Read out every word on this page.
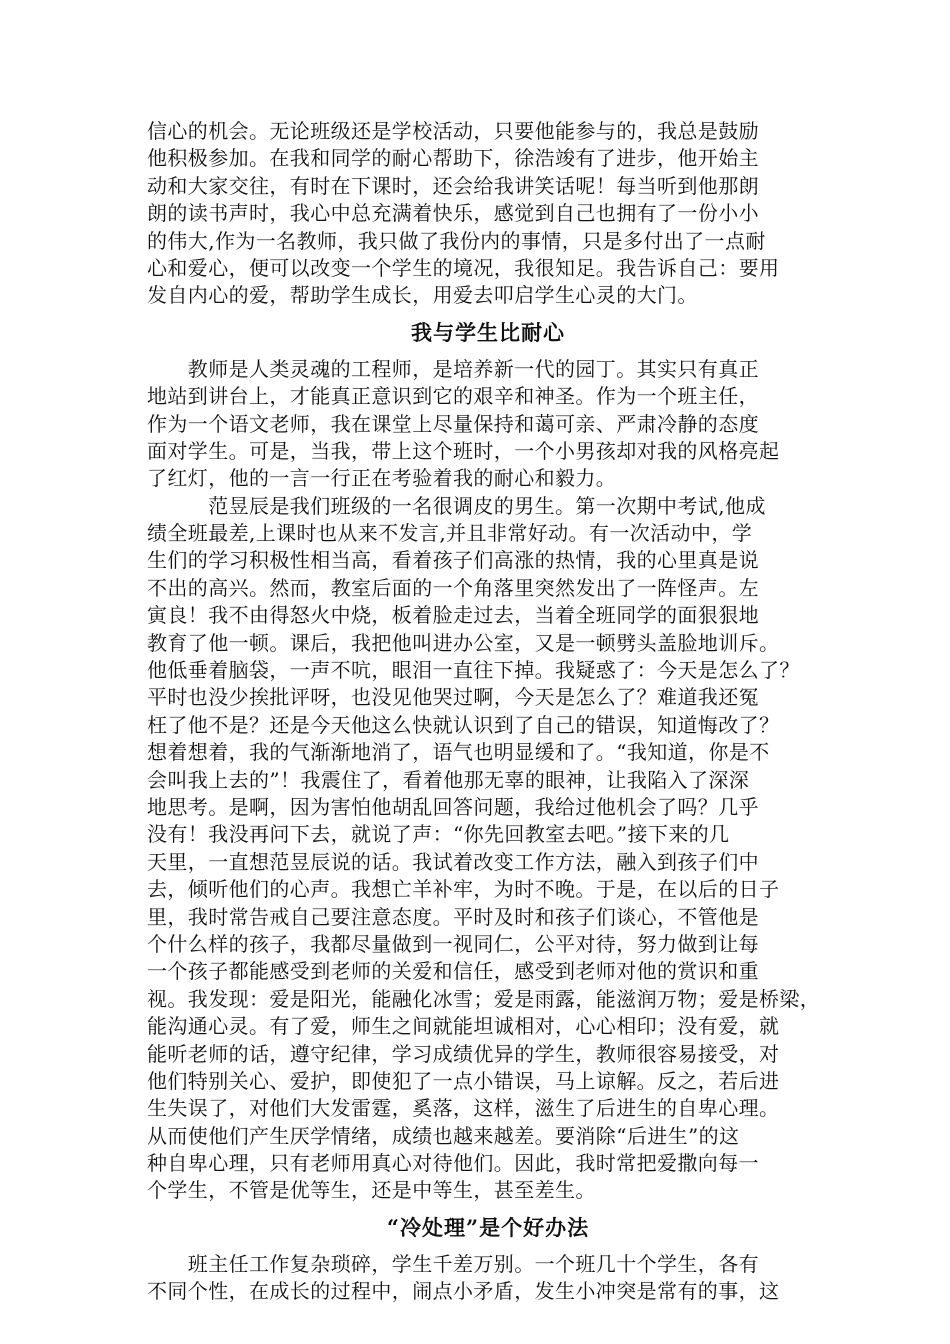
信心的机会。无论班级还是学校活动，只要他能参与的，我总是鼓励
他积极参加。在我和同学的耐心帮助下，徐浩竣有了进步，他开始主
动和大家交往，有时在下课时，还会给我讲笑话呢！每当听到他那朗
朗的读书声时，我心中总充满着快乐，感觉到自己也拥有了一份小小
的伟大,作为一名教师，我只做了我份内的事情，只是多付出了一点耐
心和爱心，便可以改变一个学生的境况，我很知足。我告诉自己：要用
发自内心的爱，帮助学生成长，用爱去叩启学生心灵的大门。
我与学生比耐心
　　教师是人类灵魂的工程师，是培养新一代的园丁。其实只有真正
地站到讲台上，才能真正意识到它的艰辛和神圣。作为一个班主任，
作为一个语文老师，我在课堂上尽量保持和蔼可亲、严肃冷静的态度
面对学生。可是，当我，带上这个班时，一个小男孩却对我的风格亮起
了红灯，他的一言一行正在考验着我的耐心和毅力。
　　　范昱辰是我们班级的一名很调皮的男生。第一次期中考试,他成
绩全班最差,上课时也从来不发言,并且非常好动。有一次活动中，学
生们的学习积极性相当高，看着孩子们高涨的热情，我的心里真是说
不出的高兴。然而，教室后面的一个角落里突然发出了一阵怪声。左
寅良！我不由得怒火中烧，板着脸走过去，当着全班同学的面狠狠地
教育了他一顿。课后，我把他叫进办公室，又是一顿劈头盖脸地训斥。
他低垂着脑袋，一声不吭，眼泪一直往下掉。我疑惑了：今天是怎么了？
平时也没少挨批评呀，也没见他哭过啊，今天是怎么了？难道我还冤
枉了他不是？还是今天他这么快就认识到了自己的错误，知道悔改了？
想着想着，我的气渐渐地消了，语气也明显缓和了。“我知道，你是不
会叫我上去的”！我震住了，看着他那无辜的眼神，让我陷入了深深
地思考。是啊，因为害怕他胡乱回答问题，我给过他机会了吗？几乎
没有！我没再问下去，就说了声：“你先回教室去吧。”接下来的几
天里，一直想范昱辰说的话。我试着改变工作方法，融入到孩子们中
去，倾听他们的心声。我想亡羊补牢，为时不晚。于是，在以后的日子
里，我时常告戒自己要注意态度。平时及时和孩子们谈心，不管他是
个什么样的孩子，我都尽量做到一视同仁，公平对待，努力做到让每
一个孩子都能感受到老师的关爱和信任，感受到老师对他的赏识和重
视。我发现：爱是阳光，能融化冰雪；爱是雨露，能滋润万物；爱是桥梁，
能沟通心灵。有了爱，师生之间就能坦诚相对，心心相印；没有爱，就
能听老师的话，遵守纪律，学习成绩优异的学生，教师很容易接受，对
他们特别关心、爱护，即使犯了一点小错误，马上谅解。反之，若后进
生失误了，对他们大发雷霆，奚落，这样，滋生了后进生的自卑心理。
从而使他们产生厌学情绪，成绩也越来越差。要消除“后进生”的这
种自卑心理，只有老师用真心对待他们。因此，我时常把爱撒向每一
个学生，不管是优等生，还是中等生，甚至差生。
“冷处理”是个好办法
　　班主任工作复杂琐碎，学生千差万别。一个班几十个学生，各有
不同个性，在成长的过程中，闹点小矛盾，发生小冲突是常有的事，这
